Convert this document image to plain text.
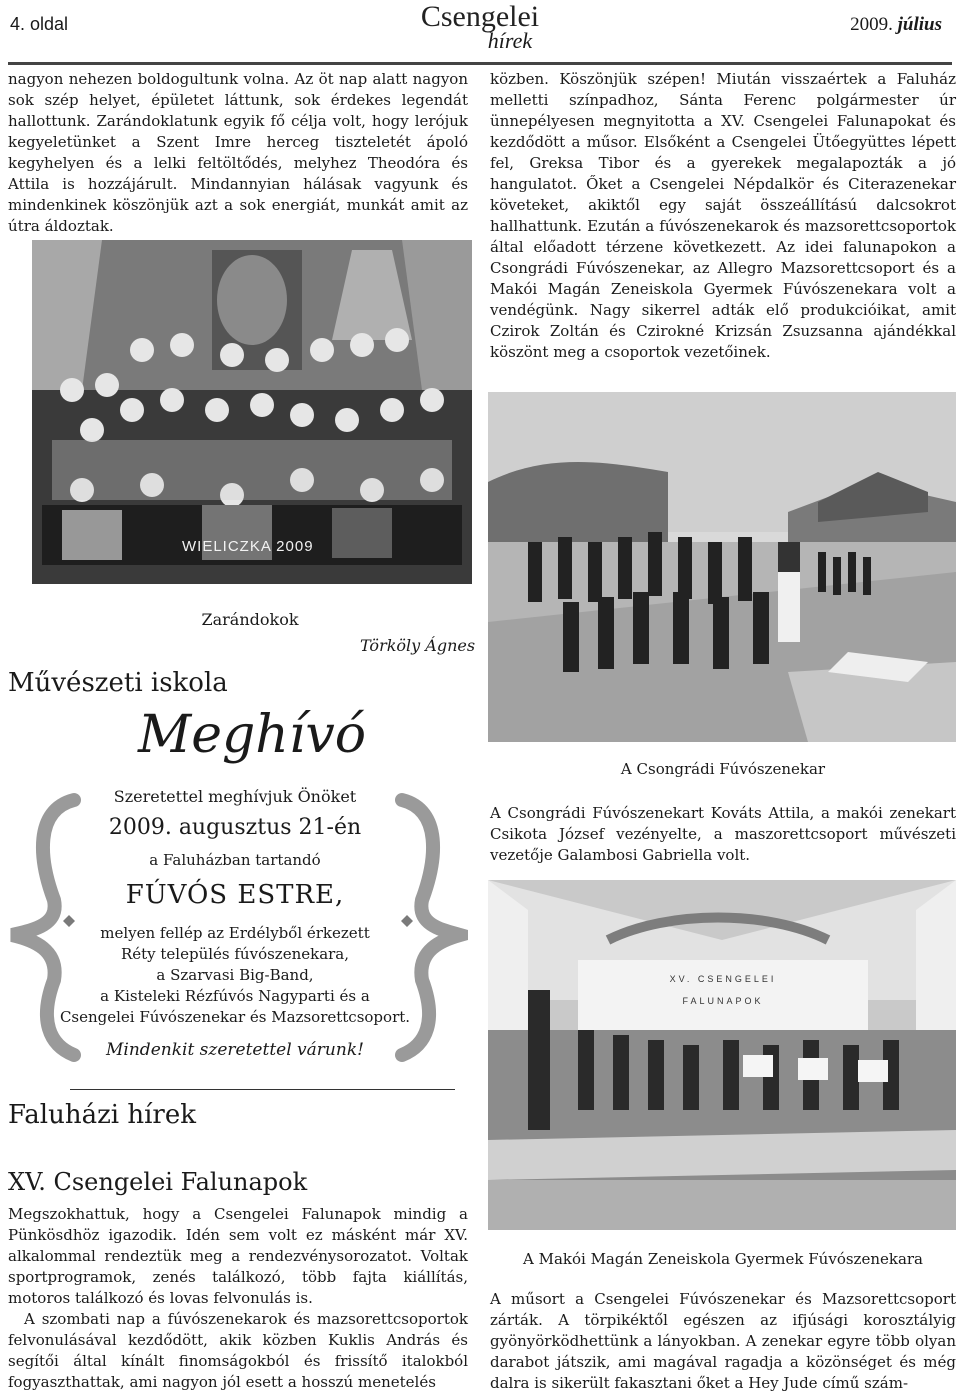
4. oldal	Csengelei
hírek
2009. július

nagyon nehezen boldogultunk volna. Az öt nap alatt nagyon sok szép helyet, épületet láttunk, sok érdekes legendát hallottunk. Zarándoklatunk egyik fő célja volt, hogy lerójuk kegyeletünket a Szent Imre herceg tiszteletét ápoló kegyhelyen és a lelki feltöltődés, melyhez Theodóra és Attila is hozzájárult. Mindannyian hálásak vagyunk és mindenkinek köszönjük azt a sok energiát, munkát amit az útra áldoztak.

WIELICZKA 2009
Zarándokok
Törköly Ágnes
Művészeti iskola
Meghívó
Szeretettel meghívjuk Önöket
2009. augusztus 21-én
a Faluházban tartandó
FÚVÓS ESTRE,
melyen fellép az Erdélyből érkezett
Réty település fúvószenekara,
a Szarvasi Big-Band,
a Kisteleki Rézfúvós Nagyparti és a
Csengelei Fúvószenekar és Mazsorettcsoport.
Mindenkit szeretettel várunk!
Faluházi hírek
XV. Csengelei Falunapok

Megszokhattuk, hogy a Csengelei Falunapok mindig a Pünkösdhöz igazodik. Idén sem volt ez másként már XV. alkalommal rendeztük meg a rendezvénysorozatot. Voltak sportprogramok, zenés találkozó, több fajta kiállítás, motoros találkozó és lovas felvonulás is.

A szombati nap a fúvószenekarok és mazsorettcsoportok felvonulásával kezdődött, akik közben Kuklis András és segítői által kínált finomságokból és frissítő italokból fogyaszthattak, ami nagyon jól esett a hosszú menetelés

közben. Köszönjük szépen! Miután visszaértek a Faluház melletti színpadhoz, Sánta Ferenc polgármester úr ünnepélyesen megnyitotta a XV. Csengelei Falunapokat és kezdődött a műsor. Elsőként a Csengelei Ütőegyüttes lépett fel, Greksa Tibor és a gyerekek megalapozták a jó hangulatot. Őket a Csengelei Népdalkör és Citerazenekar követeket, akiktől egy saját összeállítású dalcsokrot hallhattunk. Ezután a fúvószenekarok és mazsorettcsoportok által előadott térzene következett. Az idei falunapokon a Csongrádi Fúvószenekar, az Allegro Mazsorettcsoport és a Makói Magán Zeneiskola Gyermek Fúvószenekara volt a vendégünk. Nagy sikerrel adták elő produkcióikat, amit Czirok Zoltán és Czirokné Krizsán Zsuzsanna ajándékkal köszönt meg a csoportok vezetőinek.

A Csongrádi Fúvószenekar
A Csongrádi Fúvószenekart Kováts Attila, a makói zenekart Csikota József vezényelte, a maszorettcsoport művészeti vezetője Galambosi Gabriella volt.
XV. CSENGELEI
FALUNAPOK
A Makói Magán Zeneiskola Gyermek Fúvószenekara
A műsort a Csengelei Fúvószenekar és Mazsorettcsoport zárták. A törpikéktől egészen az ifjúsági korosztályig gyönyörködhettünk a lányokban. A zenekar egyre több olyan darabot játszik, ami magával ragadja a közönséget és még dalra is sikerült fakasztani őket a Hey Jude című szám-
